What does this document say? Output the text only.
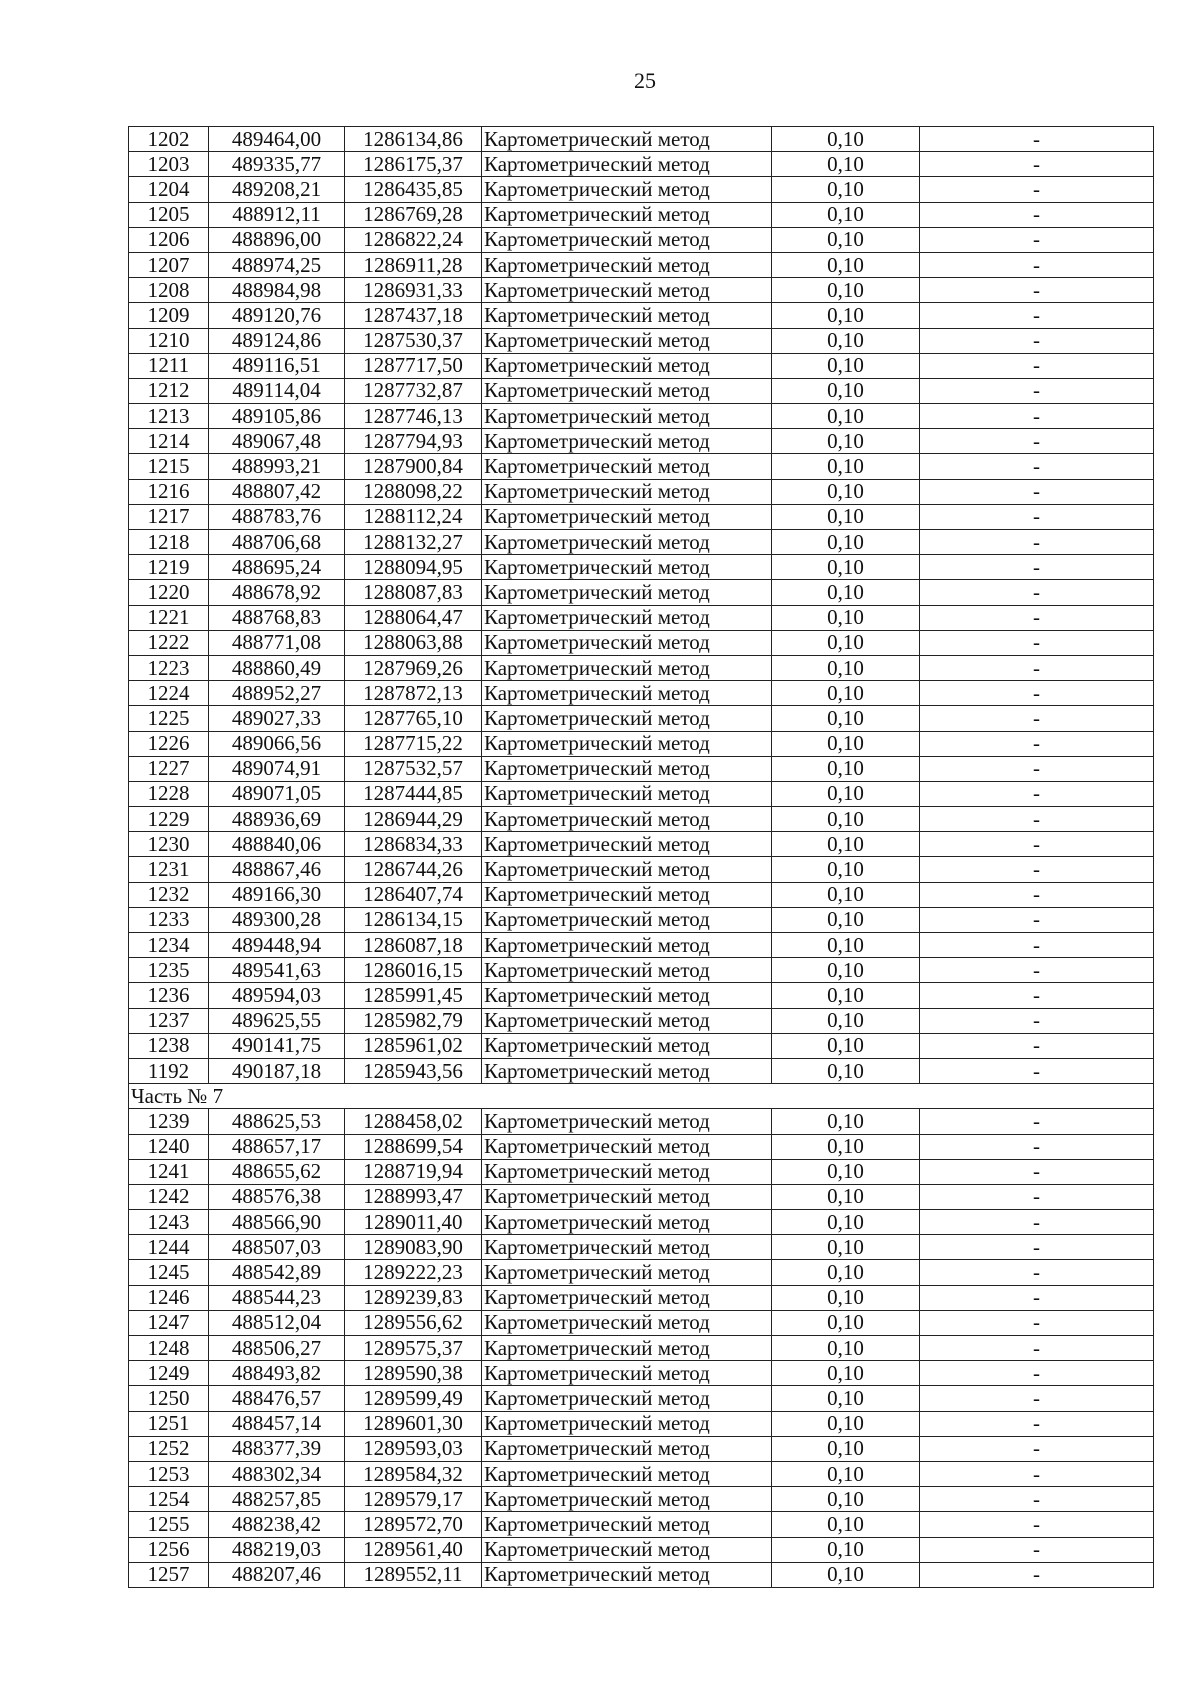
25
1202	489464,00	1286134,86	Картометрический метод	0,10	-
1203	489335,77	1286175,37	Картометрический метод	0,10	-
1204	489208,21	1286435,85	Картометрический метод	0,10	-
1205	488912,11	1286769,28	Картометрический метод	0,10	-
1206	488896,00	1286822,24	Картометрический метод	0,10	-
1207	488974,25	1286911,28	Картометрический метод	0,10	-
1208	488984,98	1286931,33	Картометрический метод	0,10	-
1209	489120,76	1287437,18	Картометрический метод	0,10	-
1210	489124,86	1287530,37	Картометрический метод	0,10	-
1211	489116,51	1287717,50	Картометрический метод	0,10	-
1212	489114,04	1287732,87	Картометрический метод	0,10	-
1213	489105,86	1287746,13	Картометрический метод	0,10	-
1214	489067,48	1287794,93	Картометрический метод	0,10	-
1215	488993,21	1287900,84	Картометрический метод	0,10	-
1216	488807,42	1288098,22	Картометрический метод	0,10	-
1217	488783,76	1288112,24	Картометрический метод	0,10	-
1218	488706,68	1288132,27	Картометрический метод	0,10	-
1219	488695,24	1288094,95	Картометрический метод	0,10	-
1220	488678,92	1288087,83	Картометрический метод	0,10	-
1221	488768,83	1288064,47	Картометрический метод	0,10	-
1222	488771,08	1288063,88	Картометрический метод	0,10	-
1223	488860,49	1287969,26	Картометрический метод	0,10	-
1224	488952,27	1287872,13	Картометрический метод	0,10	-
1225	489027,33	1287765,10	Картометрический метод	0,10	-
1226	489066,56	1287715,22	Картометрический метод	0,10	-
1227	489074,91	1287532,57	Картометрический метод	0,10	-
1228	489071,05	1287444,85	Картометрический метод	0,10	-
1229	488936,69	1286944,29	Картометрический метод	0,10	-
1230	488840,06	1286834,33	Картометрический метод	0,10	-
1231	488867,46	1286744,26	Картометрический метод	0,10	-
1232	489166,30	1286407,74	Картометрический метод	0,10	-
1233	489300,28	1286134,15	Картометрический метод	0,10	-
1234	489448,94	1286087,18	Картометрический метод	0,10	-
1235	489541,63	1286016,15	Картометрический метод	0,10	-
1236	489594,03	1285991,45	Картометрический метод	0,10	-
1237	489625,55	1285982,79	Картометрический метод	0,10	-
1238	490141,75	1285961,02	Картометрический метод	0,10	-
1192	490187,18	1285943,56	Картометрический метод	0,10	-
Часть № 7					
1239	488625,53	1288458,02	Картометрический метод	0,10	-
1240	488657,17	1288699,54	Картометрический метод	0,10	-
1241	488655,62	1288719,94	Картометрический метод	0,10	-
1242	488576,38	1288993,47	Картометрический метод	0,10	-
1243	488566,90	1289011,40	Картометрический метод	0,10	-
1244	488507,03	1289083,90	Картометрический метод	0,10	-
1245	488542,89	1289222,23	Картометрический метод	0,10	-
1246	488544,23	1289239,83	Картометрический метод	0,10	-
1247	488512,04	1289556,62	Картометрический метод	0,10	-
1248	488506,27	1289575,37	Картометрический метод	0,10	-
1249	488493,82	1289590,38	Картометрический метод	0,10	-
1250	488476,57	1289599,49	Картометрический метод	0,10	-
1251	488457,14	1289601,30	Картометрический метод	0,10	-
1252	488377,39	1289593,03	Картометрический метод	0,10	-
1253	488302,34	1289584,32	Картометрический метод	0,10	-
1254	488257,85	1289579,17	Картометрический метод	0,10	-
1255	488238,42	1289572,70	Картометрический метод	0,10	-
1256	488219,03	1289561,40	Картометрический метод	0,10	-
1257	488207,46	1289552,11	Картометрический метод	0,10	-
